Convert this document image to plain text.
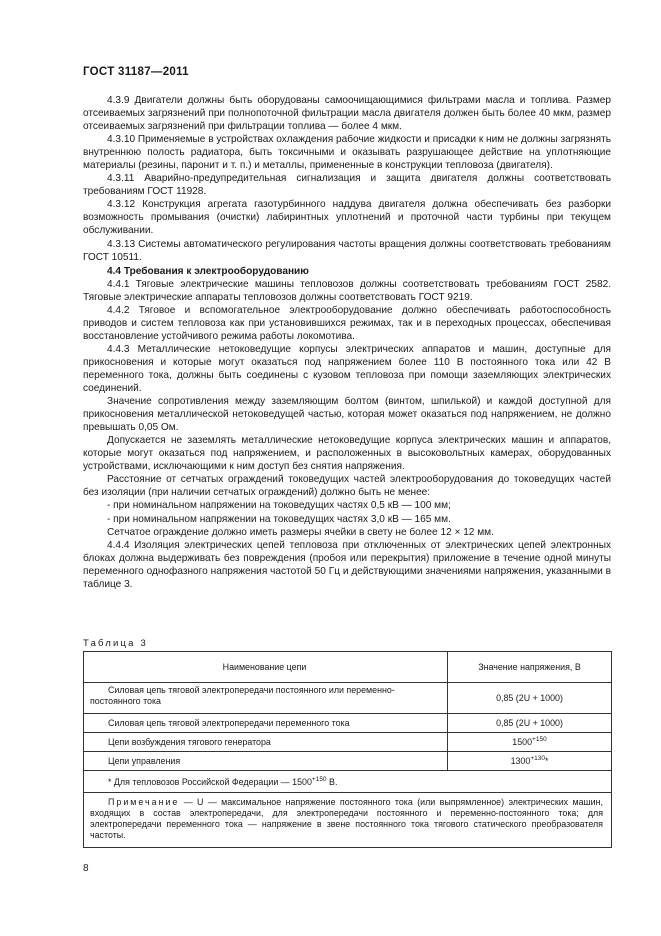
ГОСТ 31187—2011

4.3.9 Двигатели должны быть оборудованы самоочищающимися фильтрами масла и топлива. Размер отсеиваемых загрязнений при полнопоточной фильтрации масла двигателя должен быть более 40 мкм, размер отсеиваемых загрязнений при фильтрации топлива — более 4 мкм.

4.3.10 Применяемые в устройствах охлаждения рабочие жидкости и присадки к ним не должны загрязнять внутреннюю полость радиатора, быть токсичными и оказывать разрушающее действие на уплотняющие материалы (резины, паронит и т. п.) и металлы, примененные в конструкции тепловоза (двигателя).

4.3.11 Аварийно-предупредительная сигнализация и защита двигателя должны соответствовать требованиям ГОСТ 11928.

4.3.12 Конструкция агрегата газотурбинного наддува двигателя должна обеспечивать без разборки возможность промывания (очистки) лабиринтных уплотнений и проточной части турбины при текущем обслуживании.

4.3.13 Системы автоматического регулирования частоты вращения должны соответствовать требованиям ГОСТ 10511.

4.4 Требования к электрооборудованию

4.4.1 Тяговые электрические машины тепловозов должны соответствовать требованиям ГОСТ 2582. Тяговые электрические аппараты тепловозов должны соответствовать ГОСТ 9219.

4.4.2 Тяговое и вспомогательное электрооборудование должно обеспечивать работоспособность приводов и систем тепловоза как при установившихся режимах, так и в переходных процессах, обеспечивая восстановление устойчивого режима работы локомотива.

4.4.3 Металлические нетоковедущие корпусы электрических аппаратов и машин, доступные для прикосновения и которые могут оказаться под напряжением более 110 В постоянного тока или 42 В переменного тока, должны быть соединены с кузовом тепловоза при помощи заземляющих электрических соединений.

Значение сопротивления между заземляющим болтом (винтом, шпилькой) и каждой доступной для прикосновения металлической нетоковедущей частью, которая может оказаться под напряжением, не должно превышать 0,05 Ом.

Допускается не заземлять металлические нетоковедущие корпуса электрических машин и аппаратов, которые могут оказаться под напряжением, и расположенных в высоковольтных камерах, оборудованных устройствами, исключающими к ним доступ без снятия напряжения.

Расстояние от сетчатых ограждений токоведущих частей электрооборудования до токоведущих частей без изоляции (при наличии сетчатых ограждений) должно быть не менее:

- при номинальном напряжении на токоведущих частях 0,5 кВ — 100 мм;

- при номинальном напряжении на токоведущих частях 3,0 кВ — 165 мм.

Сетчатое ограждение должно иметь размеры ячейки в свету не более 12 × 12 мм.

4.4.4 Изоляция электрических цепей тепловоза при отключенных от электрических цепей электронных блоках должна выдерживать без повреждения (пробоя или перекрытия) приложение в течение одной минуты переменного однофазного напряжения частотой 50 Гц и действующими значениями напряжения, указанными в таблице 3.

Таблица 3
Наименование цепи	Значение напряжения, В
Силовая цепь тяговой электропередачи постоянного или переменно-постоянного тока	0,85 (2U + 1000)
Силовая цепь тяговой электропередачи переменного тока	0,85 (2U + 1000)
Цепи возбуждения тягового генератора	$1500^{+150}$
Цепи управления	$1300^{+130}*$
* Для тепловозов Российской Федерации — $1500^{+150}$ В.
Примечание — U — максимальное напряжение постоянного тока (или выпрямленное) электрических машин, входящих в состав электропередачи, для электропередачи постоянного и переменно-постоянного тока; для электропередачи переменного тока — напряжение в звене постоянного тока тягового статического преобразователя частоты.
8
